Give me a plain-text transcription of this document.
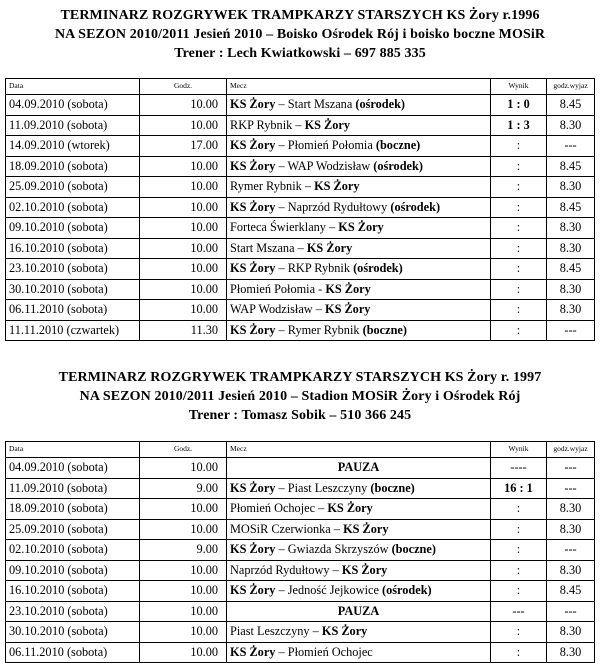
TERMINARZ ROZGRYWEK TRAMPKARZY STARSZYCH KS Żory r.1996
NA SEZON 2010/2011 Jesień 2010 – Boisko Ośrodek Rój i boisko boczne MOSiR
Trener : Lech Kwiatkowski – 697 885 335
Data	Godz.	Mecz	Wynik	godz.wyjaz
04.09.2010 (sobota)	10.00	KS Żory – Start Mszana (ośrodek)	1 : 0	8.45
11.09.2010 (sobota)	10.00	RKP Rybnik – KS Żory	1 : 3	8.30
14.09.2010 (wtorek)	17.00	KS Żory – Płomień Połomia (boczne)	:	---
18.09.2010 (sobota)	10.00	KS Żory – WAP Wodzisław (ośrodek)	:	8.45
25.09.2010 (sobota)	10.00	Rymer Rybnik – KS Żory	:	8.30
02.10.2010 (sobota)	10.00	KS Żory – Naprzód Rydułtowy (ośrodek)	:	8.45
09.10.2010 (sobota)	10.00	Forteca Świerklany – KS Żory	:	8.30
16.10.2010 (sobota)	10.00	Start Mszana – KS Żory	:	8.30
23.10.2010 (sobota)	10.00	KS Żory – RKP Rybnik (ośrodek)	:	8.45
30.10.2010 (sobota)	10.00	Płomień Połomia - KS Żory	:	8.30
06.11.2010 (sobota)	10.00	WAP Wodzisław – KS Żory	:	8.30
11.11.2010 (czwartek)	11.30	KS Żory – Rymer Rybnik (boczne)	:	---
TERMINARZ ROZGRYWEK TRAMPKARZY STARSZYCH KS Żory r. 1997
NA SEZON 2010/2011 Jesień 2010 – Stadion MOSiR Żory i Ośrodek Rój
Trener : Tomasz Sobik – 510 366 245
Data	Godz.	Mecz	Wynik	godz.wyjaz
04.09.2010 (sobota)	10.00	PAUZA	----	---
11.09.2010 (sobota)	9.00	KS Żory – Piast Leszczyny (boczne)	16 : 1	---
18.09.2010 (sobota)	10.00	Płomień Ochojec – KS Żory	:	8.30
25.09.2010 (sobota)	10.00	MOSiR Czerwionka – KS Żory	:	8.30
02.10.2010 (sobota)	9.00	KS Żory – Gwiazda Skrzyszów (boczne)	:	---
09.10.2010 (sobota)	10.00	Naprzód Rydułtowy – KS Żory	:	8.30
16.10.2010 (sobota)	10.00	KS Żory – Jedność Jejkowice (ośrodek)	:	8.45
23.10.2010 (sobota)	10.00	PAUZA	---	---
30.10.2010 (sobota)	10.00	Piast Leszczyny – KS Żory	:	8.30
06.11.2010 (sobota)	10.00	KS Żory – Płomień Ochojec	:	8.30
